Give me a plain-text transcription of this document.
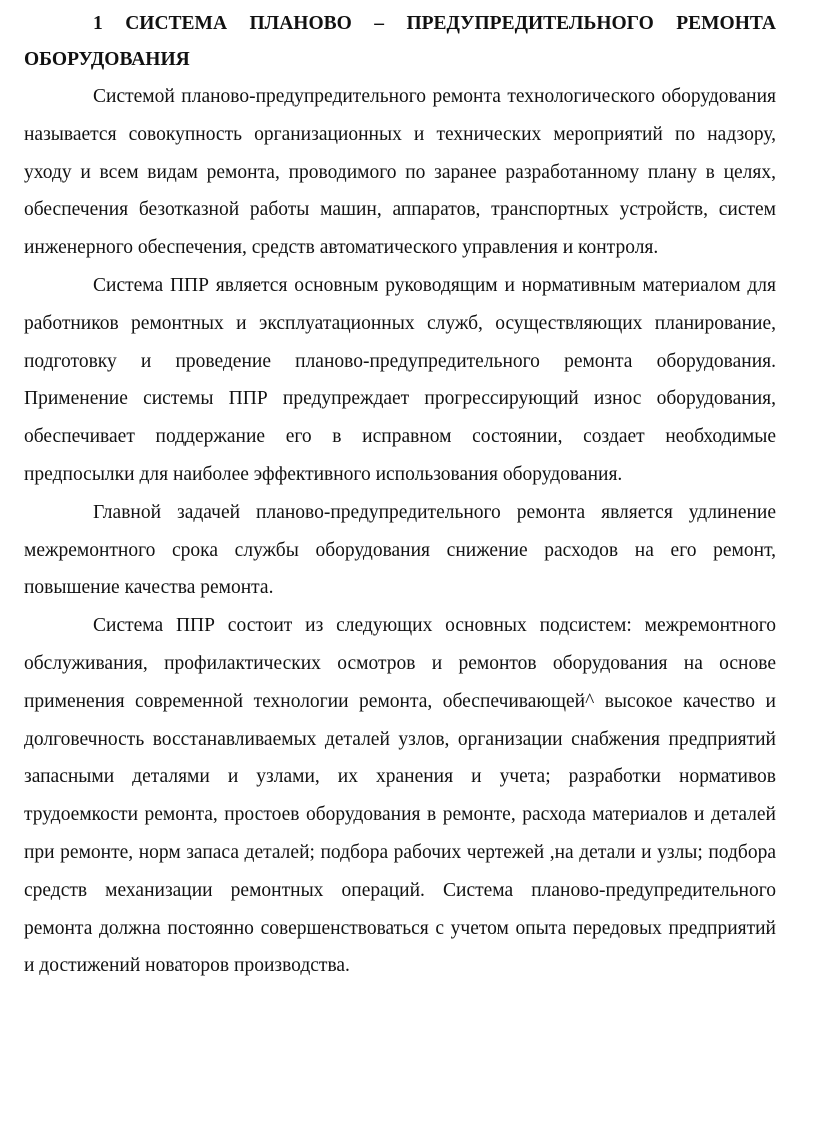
1 СИСТЕМА ПЛАНОВО – ПРЕДУПРЕДИТЕЛЬНОГО РЕМОНТА ОБОРУДОВАНИЯ

Системой планово-предупредительного ремонта технологического оборудования называется совокупность организационных и технических мероприятий по надзору, уходу и всем видам ремонта, проводимого по заранее разработанному плану в целях, обеспечения безотказной работы машин, аппаратов, транспортных устройств, систем инженерного обеспечения, средств автоматического управления и контроля.

Система ППР является основным руководящим и нормативным материалом для работников ремонтных и эксплуатационных служб, осуществляющих планирование, подготовку и проведение планово-предупредительного ремонта оборудования. Применение системы ППР предупреждает прогрессирующий износ оборудования, обеспечивает поддержание его в исправном состоянии, создает необходимые предпосылки для наиболее эффективного использования оборудования.

Главной задачей планово-предупредительного ремонта является удлинение межремонтного срока службы оборудования снижение расходов на его ремонт, повышение качества ремонта.

Система ППР состоит из следующих основных подсистем: межремонтного обслуживания, профилактических осмотров и ремонтов оборудования на основе применения современной технологии ремонта, обеспечивающей^ высокое качество и долговечность восстанавливаемых деталей узлов, организации снабжения предприятий запасными деталями и узлами, их хранения и учета; разработки нормативов трудоемкости ремонта, простоев оборудования в ремонте, расхода материалов и деталей при ремонте, норм запаса деталей; подбора рабочих чертежей ,на детали и узлы; подбора средств механизации ремонтных операций. Система планово-предупредительного ремонта должна постоянно совершенствоваться с учетом опыта передовых предприятий и достижений новаторов производства.
